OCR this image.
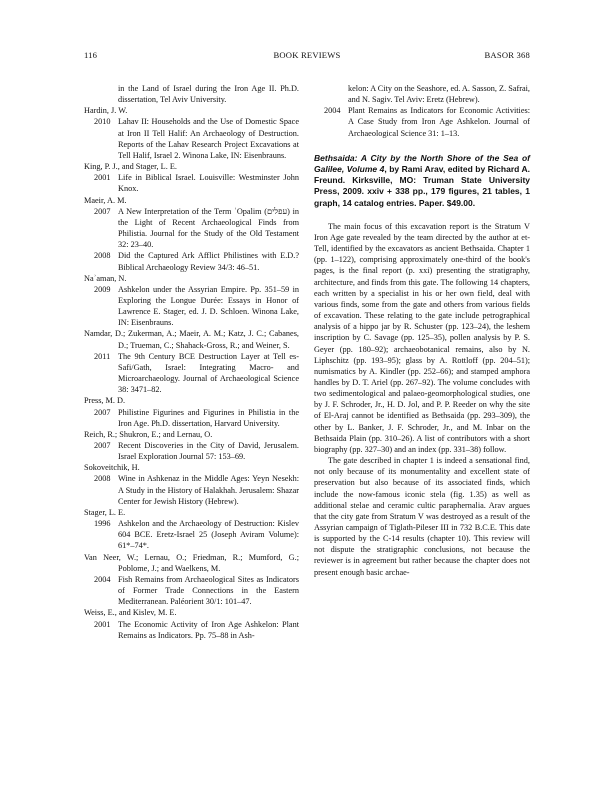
116	BOOK REVIEWS	BASOR 368

in the Land of Israel during the Iron Age II. Ph.D. dissertation, Tel Aviv University.

Hardin, J. W.

2010 Lahav II: Households and the Use of Domestic Space at Iron II Tell Halif: An Archaeology of Destruction. Reports of the Lahav Research Project Excavations at Tell Halif, Israel 2. Winona Lake, IN: Eisenbrauns.

King, P. J., and Stager, L. E.

2001 Life in Biblical Israel. Louisville: Westminster John Knox.

Maeir, A. M.

2007 A New Interpretation of the Term ʿOpalim (עפלים) in the Light of Recent Archaeological Finds from Philistia. Journal for the Study of the Old Testament 32: 23–40.
2008 Did the Captured Ark Afflict Philistines with E.D.? Biblical Archaeology Review 34/3: 46–51.

Naʾaman, N.

2009 Ashkelon under the Assyrian Empire. Pp. 351–59 in Exploring the Longue Durée: Essays in Honor of Lawrence E. Stager, ed. J. D. Schloen. Winona Lake, IN: Eisenbrauns.

Namdar, D.; Zukerman, A.; Maeir, A. M.; Katz, J. C.; Cabanes, D.; Trueman, C.; Shahack-Gross, R.; and Weiner, S.

2011 The 9th Century BCE Destruction Layer at Tell es-Safi/Gath, Israel: Integrating Macro- and Microarchaeology. Journal of Archaeological Science 38: 3471–82.

Press, M. D.

2007 Philistine Figurines and Figurines in Philistia in the Iron Age. Ph.D. dissertation, Harvard University.

Reich, R.; Shukron, E.; and Lernau, O.

2007 Recent Discoveries in the City of David, Jerusalem. Israel Exploration Journal 57: 153–69.

Sokoveitchik, H.

2008 Wine in Ashkenaz in the Middle Ages: Yeyn Nesekh: A Study in the History of Halakhah. Jerusalem: Shazar Center for Jewish History (Hebrew).

Stager, L. E.

1996 Ashkelon and the Archaeology of Destruction: Kislev 604 BCE. Eretz-Israel 25 (Joseph Aviram Volume): 61*–74*.

Van Neer, W.; Lernau, O.; Friedman, R.; Mumford, G.; Poblome, J.; and Waelkens, M.

2004 Fish Remains from Archaeological Sites as Indicators of Former Trade Connections in the Eastern Mediterranean. Paléorient 30/1: 101–47.

Weiss, E., and Kislev, M. E.

2001 The Economic Activity of Iron Age Ashkelon: Plant Remains as Indicators. Pp. 75–88 in Ash-

kelon: A City on the Seashore, ed. A. Sasson, Z. Safrai, and N. Sagiv. Tel Aviv: Eretz (Hebrew).

2004 Plant Remains as Indicators for Economic Activities: A Case Study from Iron Age Ashkelon. Journal of Archaeological Science 31: 1–13.
Bethsaida: A City by the North Shore of the Sea of Galilee, Volume 4, by Rami Arav, edited by Richard A. Freund. Kirksville, MO: Truman State University Press, 2009. xxiv + 338 pp., 179 figures, 21 tables, 1 graph, 14 catalog entries. Paper. $49.00.

The main focus of this excavation report is the Stratum V Iron Age gate revealed by the team directed by the author at et-Tell, identified by the excavators as ancient Bethsaida. Chapter 1 (pp. 1–122), comprising approximately one-third of the book's pages, is the final report (p. xxi) presenting the stratigraphy, architecture, and finds from this gate. The following 14 chapters, each written by a specialist in his or her own field, deal with various finds, some from the gate and others from various fields of excavation. These relating to the gate include petrographical analysis of a hippo jar by R. Schuster (pp. 123–24), the leshem inscription by C. Savage (pp. 125–35), pollen analysis by P. S. Geyer (pp. 180–92); archaeobotanical remains, also by N. Liphschitz (pp. 193–95); glass by A. Rottloff (pp. 204–51); numismatics by A. Kindler (pp. 252–66); and stamped amphora handles by D. T. Ariel (pp. 267–92). The volume concludes with two sedimentological and palaeo-geomorphological studies, one by J. F. Schroder, Jr., H. D. Jol, and P. P. Reeder on why the site of El-Araj cannot be identified as Bethsaida (pp. 293–309), the other by L. Banker, J. F. Schroder, Jr., and M. Inbar on the Bethsaida Plain (pp. 310–26). A list of contributors with a short biography (pp. 327–30) and an index (pp. 331–38) follow.

The gate described in chapter 1 is indeed a sensational find, not only because of its monumentality and excellent state of preservation but also because of its associated finds, which include the now-famous iconic stela (fig. 1.35) as well as additional stelae and ceramic cultic paraphernalia. Arav argues that the city gate from Stratum V was destroyed as a result of the Assyrian campaign of Tiglath-Pileser III in 732 B.C.E. This date is supported by the C-14 results (chapter 10). This review will not dispute the stratigraphic conclusions, not because the reviewer is in agreement but rather because the chapter does not present enough basic archae-
